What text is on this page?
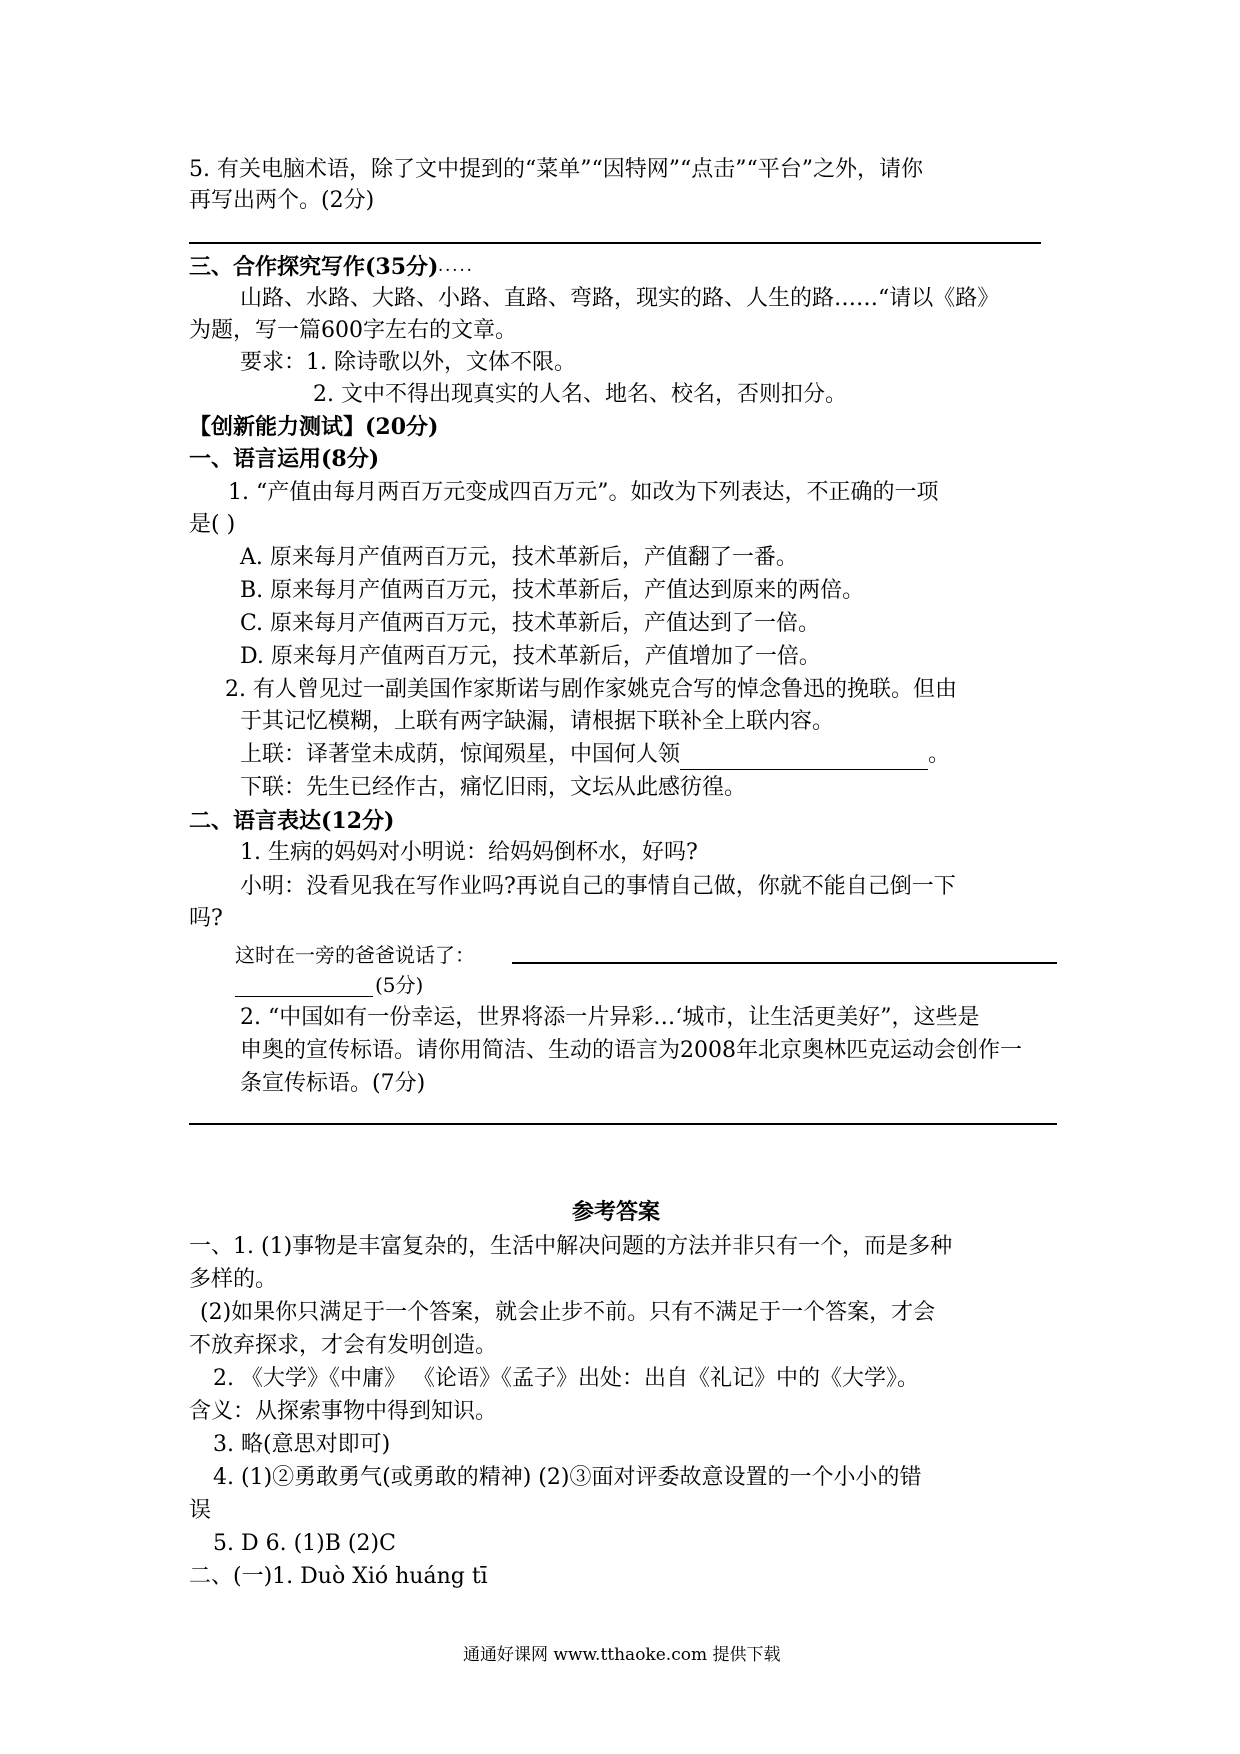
5. 有关电脑术语，除了文中提到的“菜单”“因特网”“点击”“平台”之外，请你
再写出两个。(2分)
三、合作探究写作(35分).....
山路、水路、大路、小路、直路、弯路，现实的路、人生的路……“请以《路》
为题，写一篇600字左右的文章。
要求：1. 除诗歌以外，文体不限。
2. 文中不得出现真实的人名、地名、校名，否则扣分。
【创新能力测试】(20分)
一、语言运用(8分)
1. “产值由每月两百万元变成四百万元”。如改为下列表达，不正确的一项
是( )
A. 原来每月产值两百万元，技术革新后，产值翻了一番。
B. 原来每月产值两百万元，技术革新后，产值达到原来的两倍。
C. 原来每月产值两百万元，技术革新后，产值达到了一倍。
D. 原来每月产值两百万元，技术革新后，产值增加了一倍。
2. 有人曾见过一副美国作家斯诺与剧作家姚克合写的悼念鲁迅的挽联。但由
于其记忆模糊，上联有两字缺漏，请根据下联补全上联内容。
上联：译著堂未成荫，惊闻殒星，中国何人领	。
下联：先生已经作古，痛忆旧雨，文坛从此感彷徨。
二、语言表达(12分)
1. 生病的妈妈对小明说：给妈妈倒杯水，好吗?
小明：没看见我在写作业吗?再说自己的事情自己做，你就不能自己倒一下
吗?
这时在一旁的爸爸说话了：
(5分)
2. “中国如有一份幸运，世界将添一片异彩…‘城市，让生活更美好”，这些是
申奥的宣传标语。请你用简洁、生动的语言为2008年北京奥林匹克运动会创作一
条宣传标语。(7分)
参考答案
一、1. (1)事物是丰富复杂的，生活中解决问题的方法并非只有一个，而是多种
多样的。
(2)如果你只满足于一个答案，就会止步不前。只有不满足于一个答案，才会
不放弃探求，才会有发明创造。
2. 《大学》《中庸》 《论语》《孟子》出处：出自《礼记》中的《大学》。
含义：从探索事物中得到知识。
3. 略(意思对即可)
4. (1)②勇敢勇气(或勇敢的精神) (2)③面对评委故意设置的一个小小的错
误
5. D 6. (1)B (2)C
二、(一)1. Duò Xió huáng tī
通通好课网 www.tthaoke.com 提供下载
